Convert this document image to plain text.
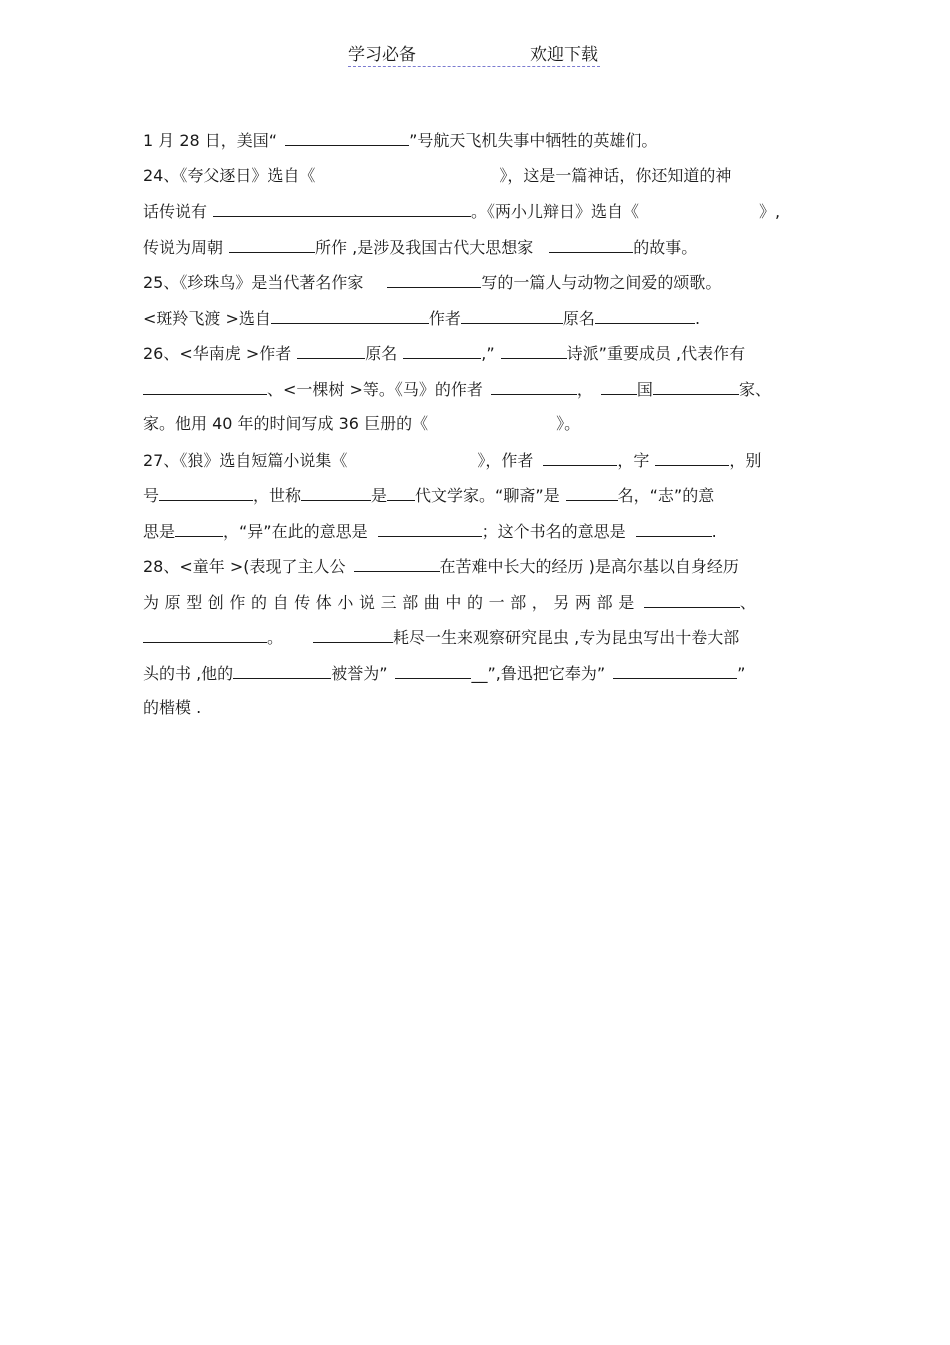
学习必备	欢迎下载
1 月 28 日，美国“	”号航天飞机失事中牺牲的英雄们。
24、《夸父逐日》选自《	》，这是一篇神话，你还知道的神
话传说有	。《两小儿辩日》选自《	》,
传说为周朝	所作 ,是涉及我国古代大思想家	的故事。
25、《珍珠鸟》是当代著名作家	写的一篇人与动物之间爱的颂歌。
<斑羚飞渡 >选自	作者	原名	.
26、<华南虎 >作者	原名	,”	诗派”重要成员 ,代表作有
、<一棵树 >等。《马》的作者	，	国	家、
家。他用 40 年的时间写成 36 巨册的《	》。
27、《狼》选自短篇小说集《	》，作者	，字	，别
号	，世称	是 代文学家。“聊斋”是	名，“志”的意
思是	，“异”在此的意思是	；这个书名的意思是	.
28、<童年 >(表现了主人公	在苦难中长大的经历 )是高尔基以自身经历
为原型创作的自传体小说三部曲中的一部，另两部是	、
。	耗尽一生来观察研究昆虫 ,专为昆虫写出十卷大部
头的书 ,他的	被誉为”	__”,鲁迅把它奉为”	”
的楷模 .
